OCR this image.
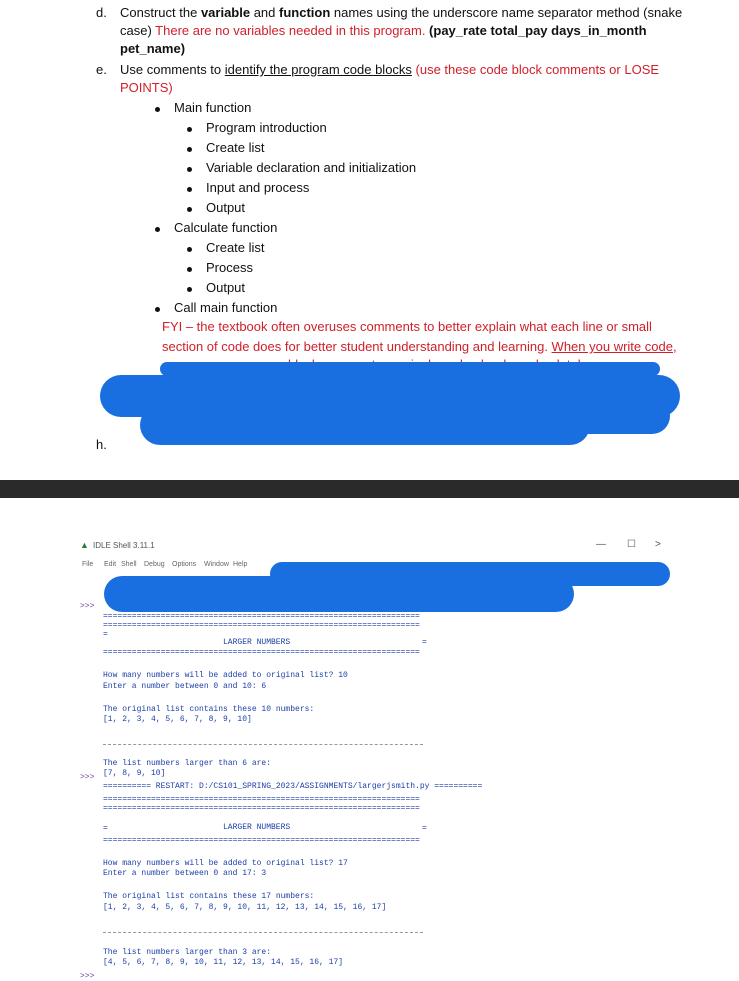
d. Construct the variable and function names using the underscore name separator method (snake
case) There are no variables needed in this program. (pay_rate total_pay days_in_month
pet_name)
e. Use comments to identify the program code blocks (use these code block comments or LOSE
POINTS)
Main function
Program introduction
Create list
Variable declaration and initialization
Input and process
Output
Calculate function
Create list
Process
Output
Call main function
FYI – the textbook often overuses comments to better explain what each line or small
section of code does for better student understanding and learning. When you write code,
h.
▲ IDLE Shell 3.11.1	— ☐ >
File Edit Shell Debug Options Window Help
>>>
>>>
>>>
==================================================================
==================================================================
=
LARGER NUMBERS	=
==================================================================
How many numbers will be added to original list? 10
Enter a number between 0 and 10: 6
The original list contains these 10 numbers:
[1, 2, 3, 4, 5, 6, 7, 8, 9, 10]
The list numbers larger than 6 are:
[7, 8, 9, 10]
========== RESTART: D:/CS101_SPRING_2023/ASSIGNMENTS/largerjsmith.py ==========
==================================================================
==================================================================
=	LARGER NUMBERS	=
==================================================================
How many numbers will be added to original list? 17
Enter a number between 0 and 17: 3
The original list contains these 17 numbers:
[1, 2, 3, 4, 5, 6, 7, 8, 9, 10, 11, 12, 13, 14, 15, 16, 17]
The list numbers larger than 3 are:
[4, 5, 6, 7, 8, 9, 10, 11, 12, 13, 14, 15, 16, 17]
